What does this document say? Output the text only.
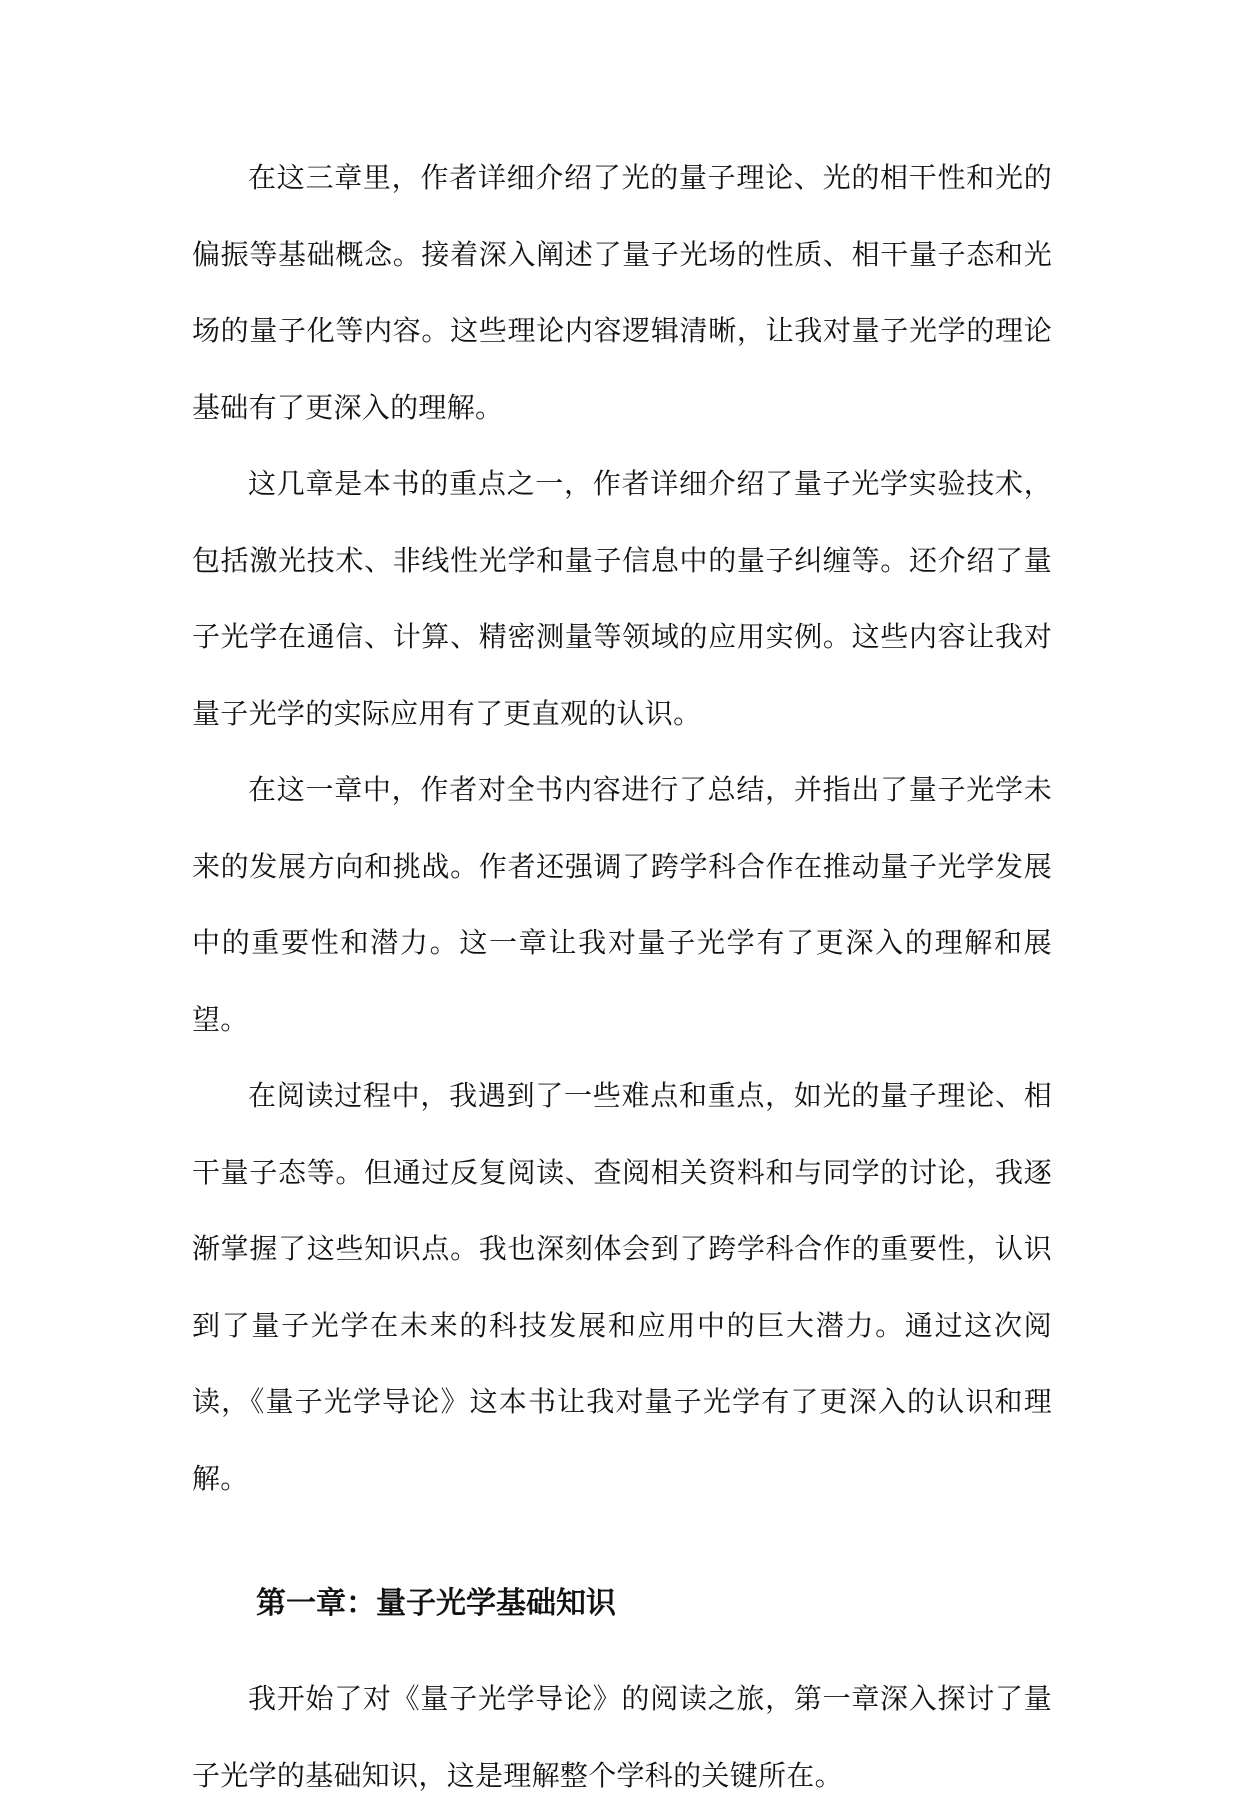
在这三章里，作者详细介绍了光的量子理论、光的相干性和光的偏振等基础概念。接着深入阐述了量子光场的性质、相干量子态和光场的量子化等内容。这些理论内容逻辑清晰，让我对量子光学的理论基础有了更深入的理解。

这几章是本书的重点之一，作者详细介绍了量子光学实验技术，包括激光技术、非线性光学和量子信息中的量子纠缠等。还介绍了量子光学在通信、计算、精密测量等领域的应用实例。这些内容让我对量子光学的实际应用有了更直观的认识。

在这一章中，作者对全书内容进行了总结，并指出了量子光学未来的发展方向和挑战。作者还强调了跨学科合作在推动量子光学发展中的重要性和潜力。这一章让我对量子光学有了更深入的理解和展望。

在阅读过程中，我遇到了一些难点和重点，如光的量子理论、相干量子态等。但通过反复阅读、查阅相关资料和与同学的讨论，我逐渐掌握了这些知识点。我也深刻体会到了跨学科合作的重要性，认识到了量子光学在未来的科技发展和应用中的巨大潜力。通过这次阅读，《量子光学导论》这本书让我对量子光学有了更深入的认识和理解。

第一章：量子光学基础知识

我开始了对《量子光学导论》的阅读之旅，第一章深入探讨了量子光学的基础知识，这是理解整个学科的关键所在。
